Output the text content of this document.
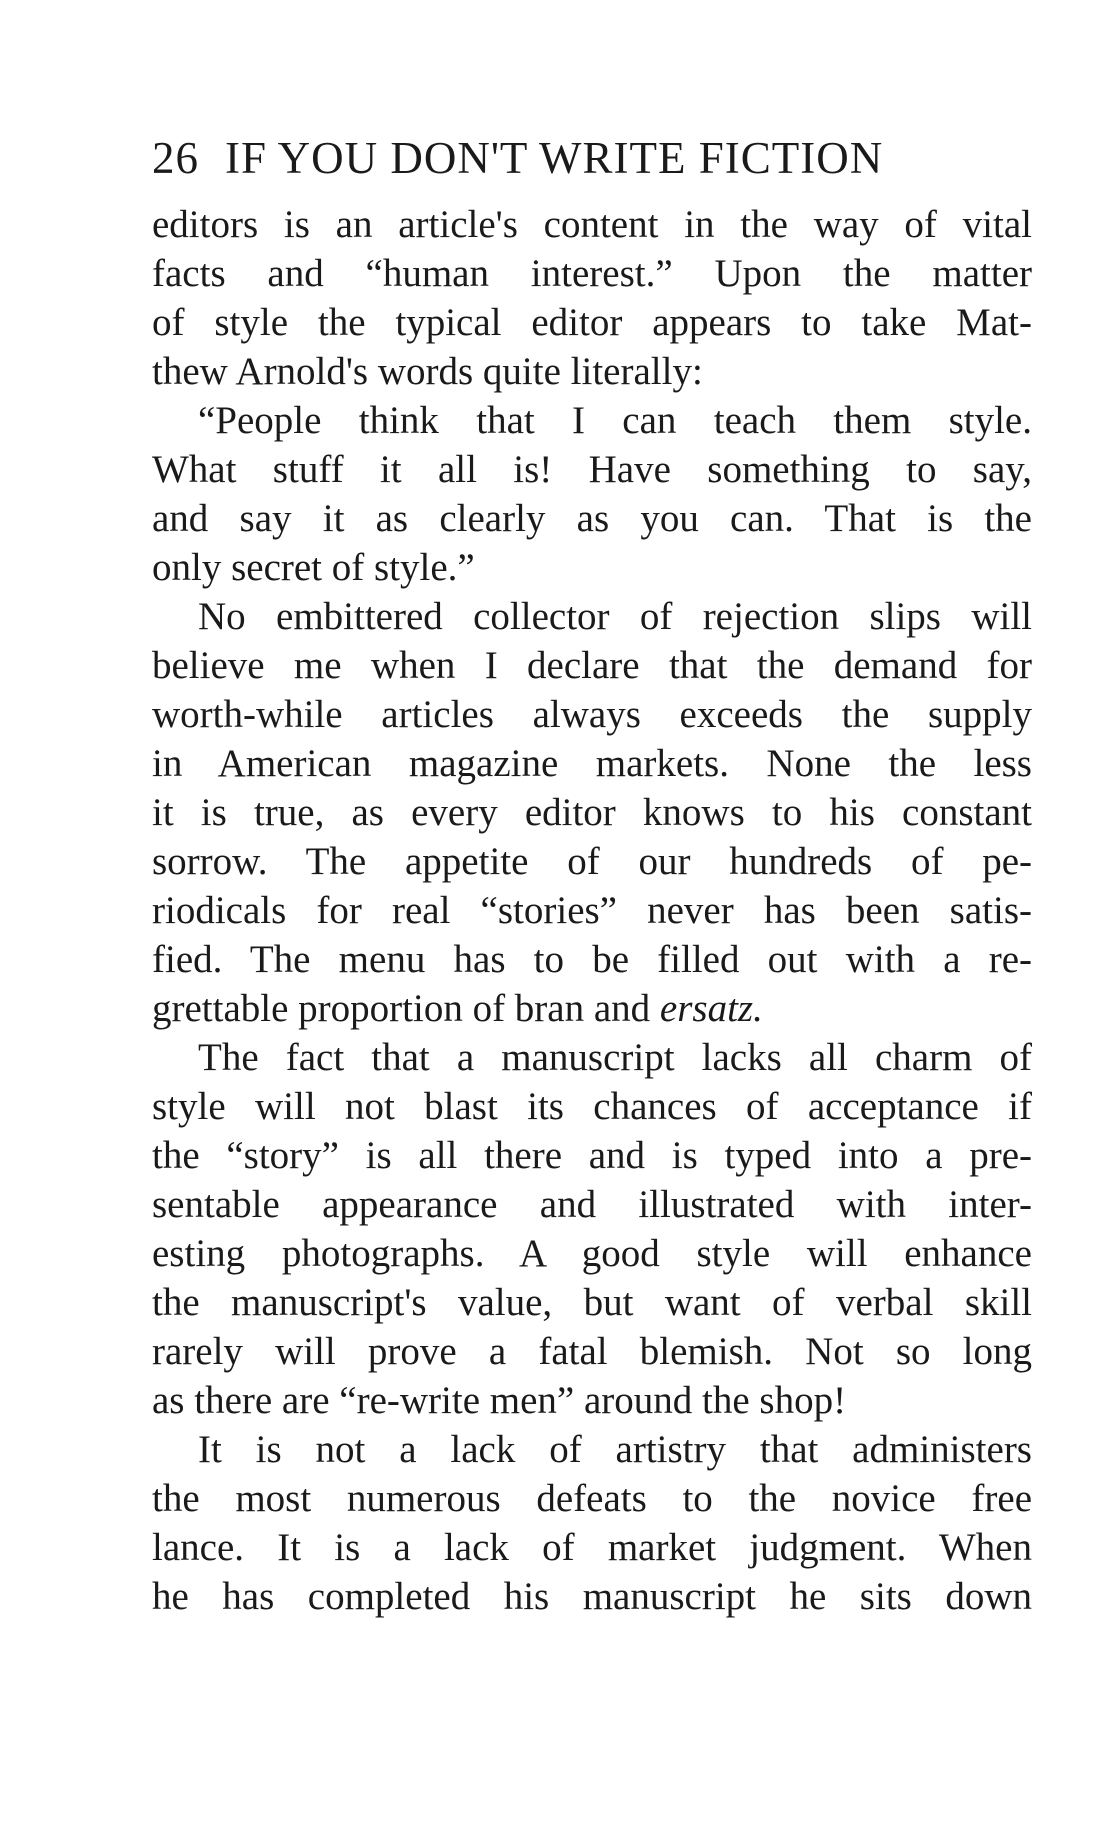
26 IF YOU DON'T WRITE FICTION
editors is an article's content in the way of vital
facts and “human interest.” Upon the matter
of style the typical editor appears to take Mat-
thew Arnold's words quite literally:
“People think that I can teach them style.
What stuff it all is! Have something to say,
and say it as clearly as you can. That is the
only secret of style.”
No embittered collector of rejection slips will
believe me when I declare that the demand for
worth-while articles always exceeds the supply
in American magazine markets. None the less
it is true, as every editor knows to his constant
sorrow. The appetite of our hundreds of pe-
riodicals for real “stories” never has been satis-
fied. The menu has to be filled out with a re-
grettable proportion of bran and ersatz.
The fact that a manuscript lacks all charm of
style will not blast its chances of acceptance if
the “story” is all there and is typed into a pre-
sentable appearance and illustrated with inter-
esting photographs. A good style will enhance
the manuscript's value, but want of verbal skill
rarely will prove a fatal blemish. Not so long
as there are “re-write men” around the shop!
It is not a lack of artistry that administers
the most numerous defeats to the novice free
lance. It is a lack of market judgment. When
he has completed his manuscript he sits down
